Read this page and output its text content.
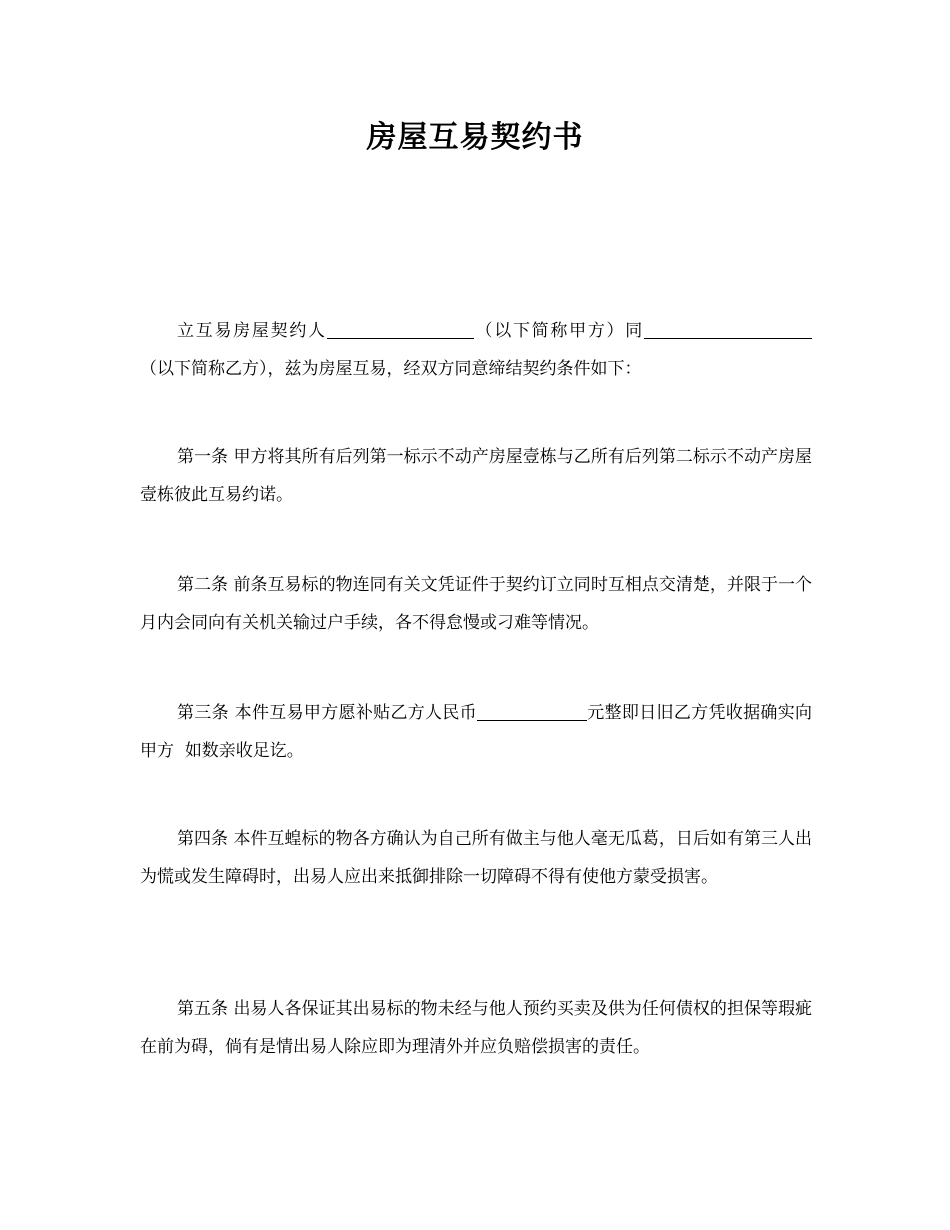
房屋互易契约书
立互易房屋契约人	（以下简称甲方）同（以下简称乙方），兹为房屋互易，经双方同意缔结契约条件如下：
第一条 甲方将其所有后列第一标示不动产房屋壹栋与乙所有后列第二标示不动产房屋壹栋彼此互易约诺。
第二条 前条互易标的物连同有关文凭证件于契约订立同时互相点交清楚，并限于一个月内会同向有关机关输过户手续，各不得怠慢或刁难等情况。
第三条 本件互易甲方愿补贴乙方人民币	元整即日旧乙方凭收据确实向甲方 如数亲收足讫。
第四条 本件互蝗标的物各方确认为自己所有做主与他人毫无瓜葛，日后如有第三人出为慌或发生障碍时，出易人应出来抵御排除一切障碍不得有使他方蒙受损害。
第五条 出易人各保证其出易标的物未经与他人预约买卖及供为任何债权的担保等瑕疵在前为碍，倘有是情出易人除应即为理清外并应负赔偿损害的责任。
